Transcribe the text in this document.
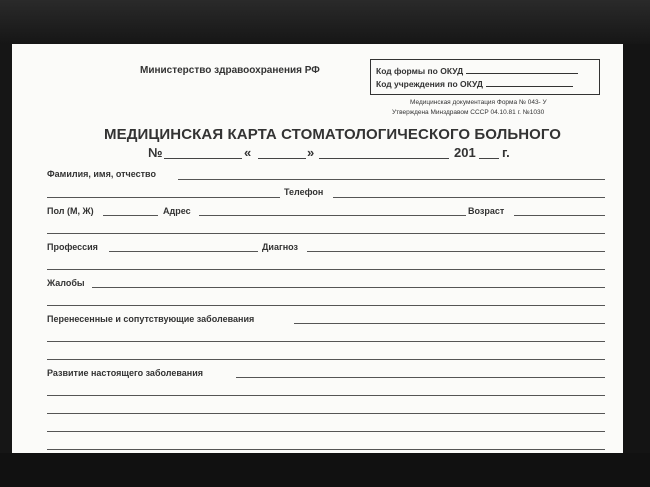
Министерство здравоохранения РФ	Код формы по ОКУД
Код учреждения по ОКУД
Медицинская документация Форма № 043- У
Утверждена Минздравом СССР 04.10.81 г. №1030
МЕДИЦИНСКАЯ КАРТА СТОМАТОЛОГИЧЕСКОГО БОЛЬНОГО
№	«	»	201 г.
Фамилия, имя, отчество
Телефон
Пол (М, Ж)	Адрес	Возраст
Профессия	Диагноз
Жалобы
Перенесенные и сопутствующие заболевания
Развитие настоящего заболевания
